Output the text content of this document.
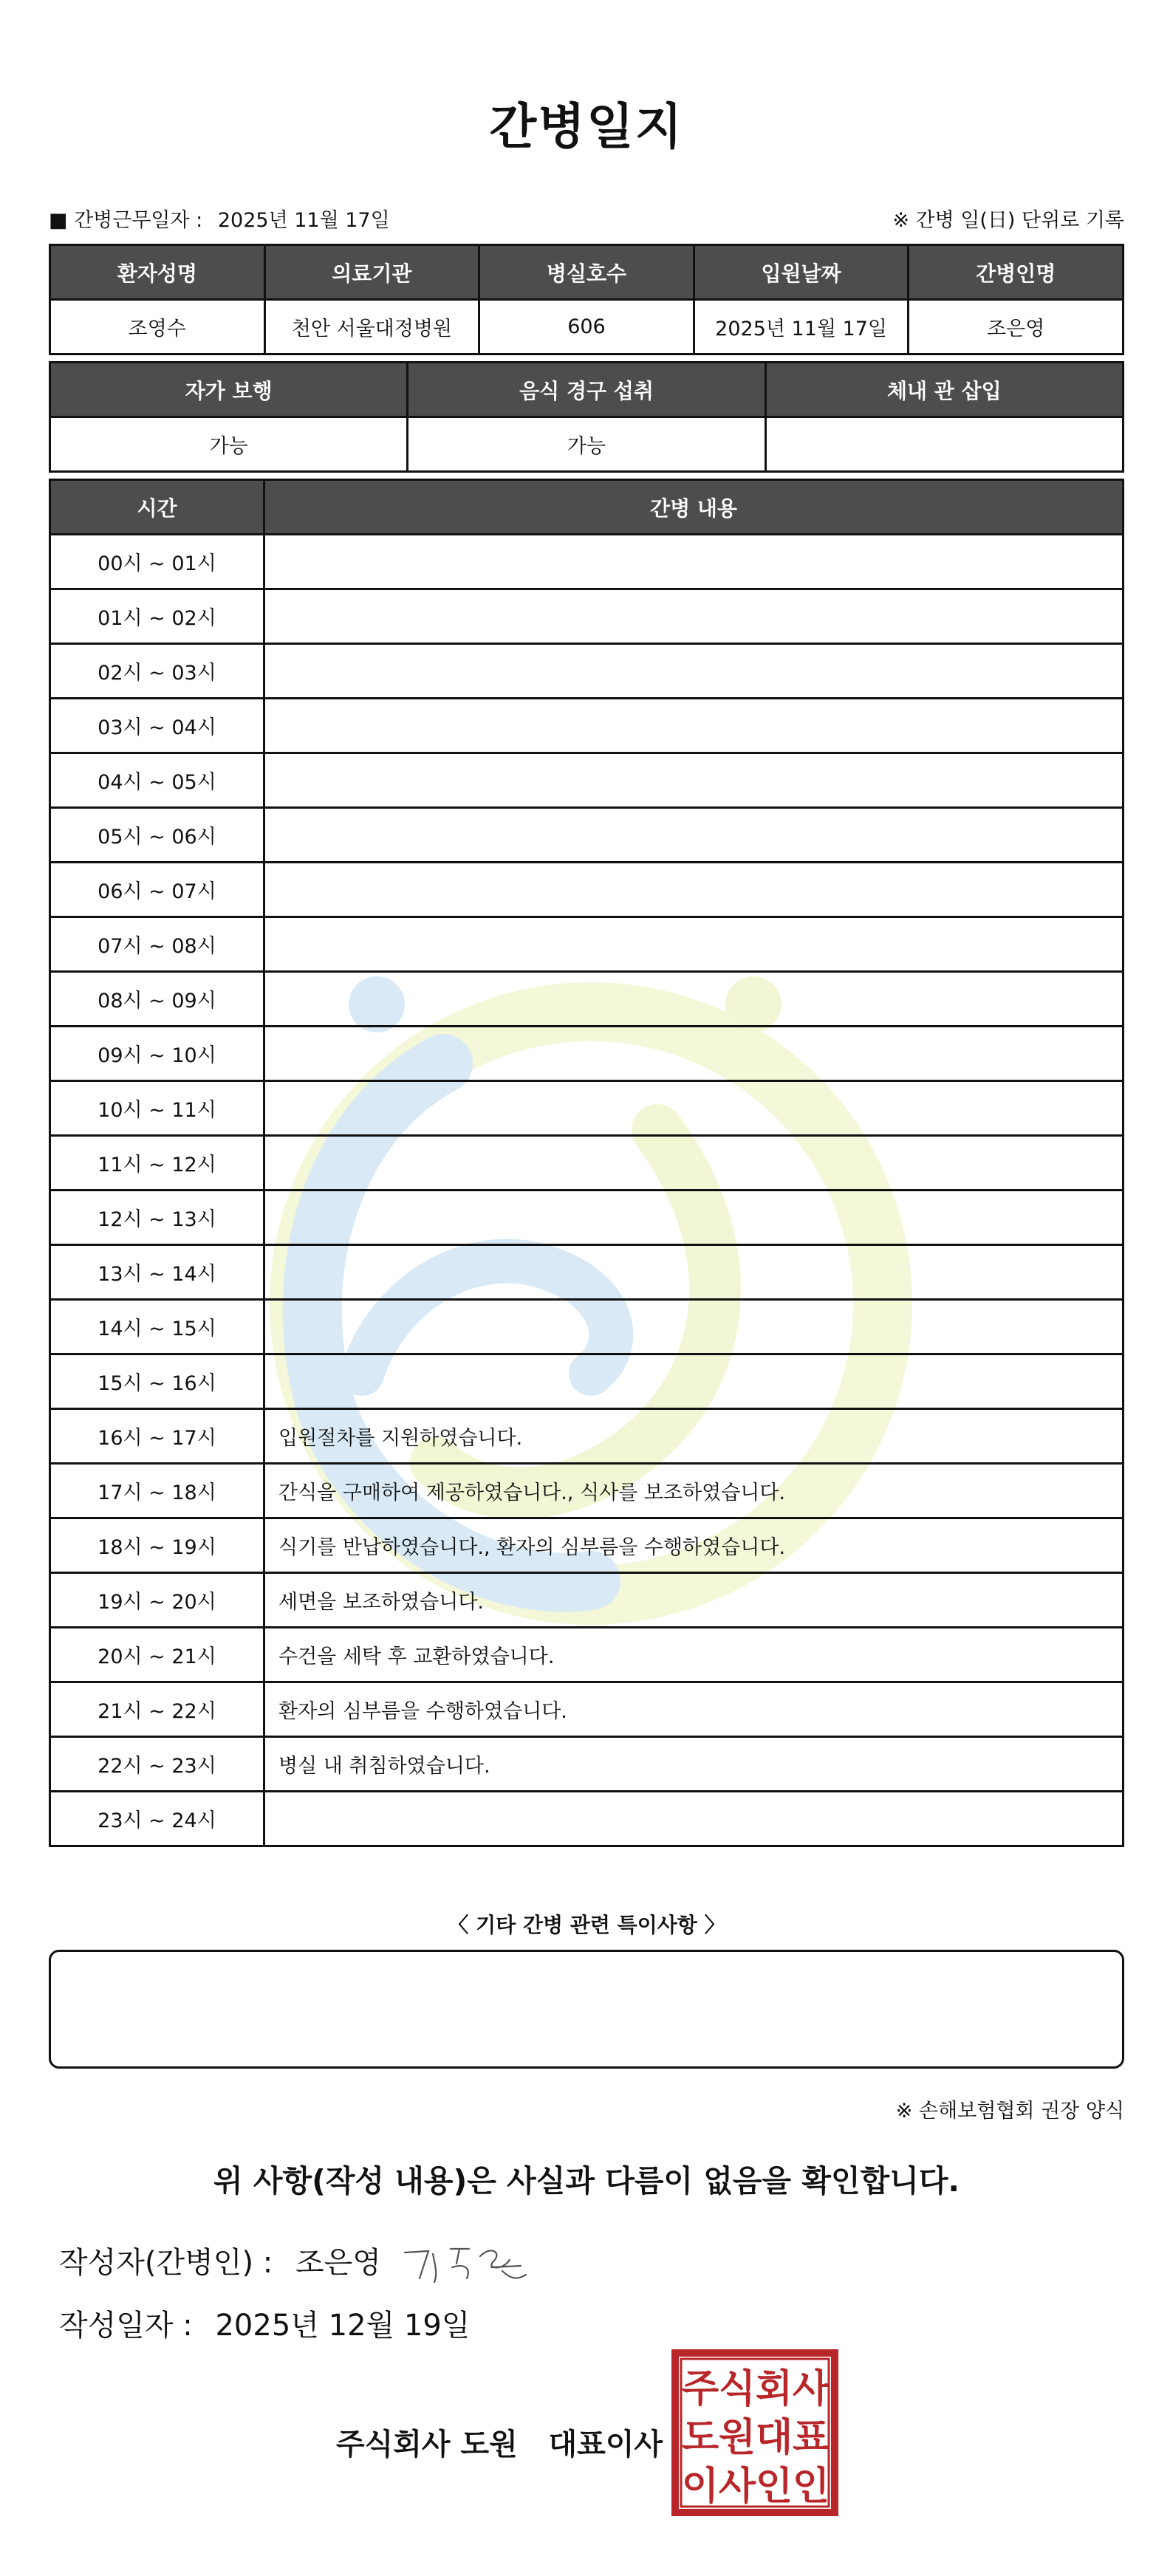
간병일지
■ 간병근무일자 : 2025년 11월 17일	※ 간병 일(日) 단위로 기록
환자성명	의료기관	병실호수	입원날짜	간병인명
조영수	천안 서울대정병원	606	2025년 11월 17일	조은영
자가 보행	음식 경구 섭취	체내 관 삽입
가능	가능	
시간	간병 내용
00시 ~ 01시	
01시 ~ 02시	
02시 ~ 03시	
03시 ~ 04시	
04시 ~ 05시	
05시 ~ 06시	
06시 ~ 07시	
07시 ~ 08시	
08시 ~ 09시	
09시 ~ 10시	
10시 ~ 11시	
11시 ~ 12시	
12시 ~ 13시	
13시 ~ 14시	
14시 ~ 15시	
15시 ~ 16시	
16시 ~ 17시	입원절차를 지원하였습니다.
17시 ~ 18시	간식을 구매하여 제공하였습니다., 식사를 보조하였습니다.
18시 ~ 19시	식기를 반납하였습니다., 환자의 심부름을 수행하였습니다.
19시 ~ 20시	세면을 보조하였습니다.
20시 ~ 21시	수건을 세탁 후 교환하였습니다.
21시 ~ 22시	환자의 심부름을 수행하였습니다.
22시 ~ 23시	병실 내 취침하였습니다.
23시 ~ 24시	
〈 기타 간병 관련 특이사항 〉
※ 손해보험협회 권장 양식
위 사항(작성 내용)은 사실과 다름이 없음을 확인합니다.
작성자(간병인) : 조은영
작성일자 : 2025년 12월 19일
주식회사 도원   대표이사
주 식 회 사
도 원 대 표
이 사 인 인
